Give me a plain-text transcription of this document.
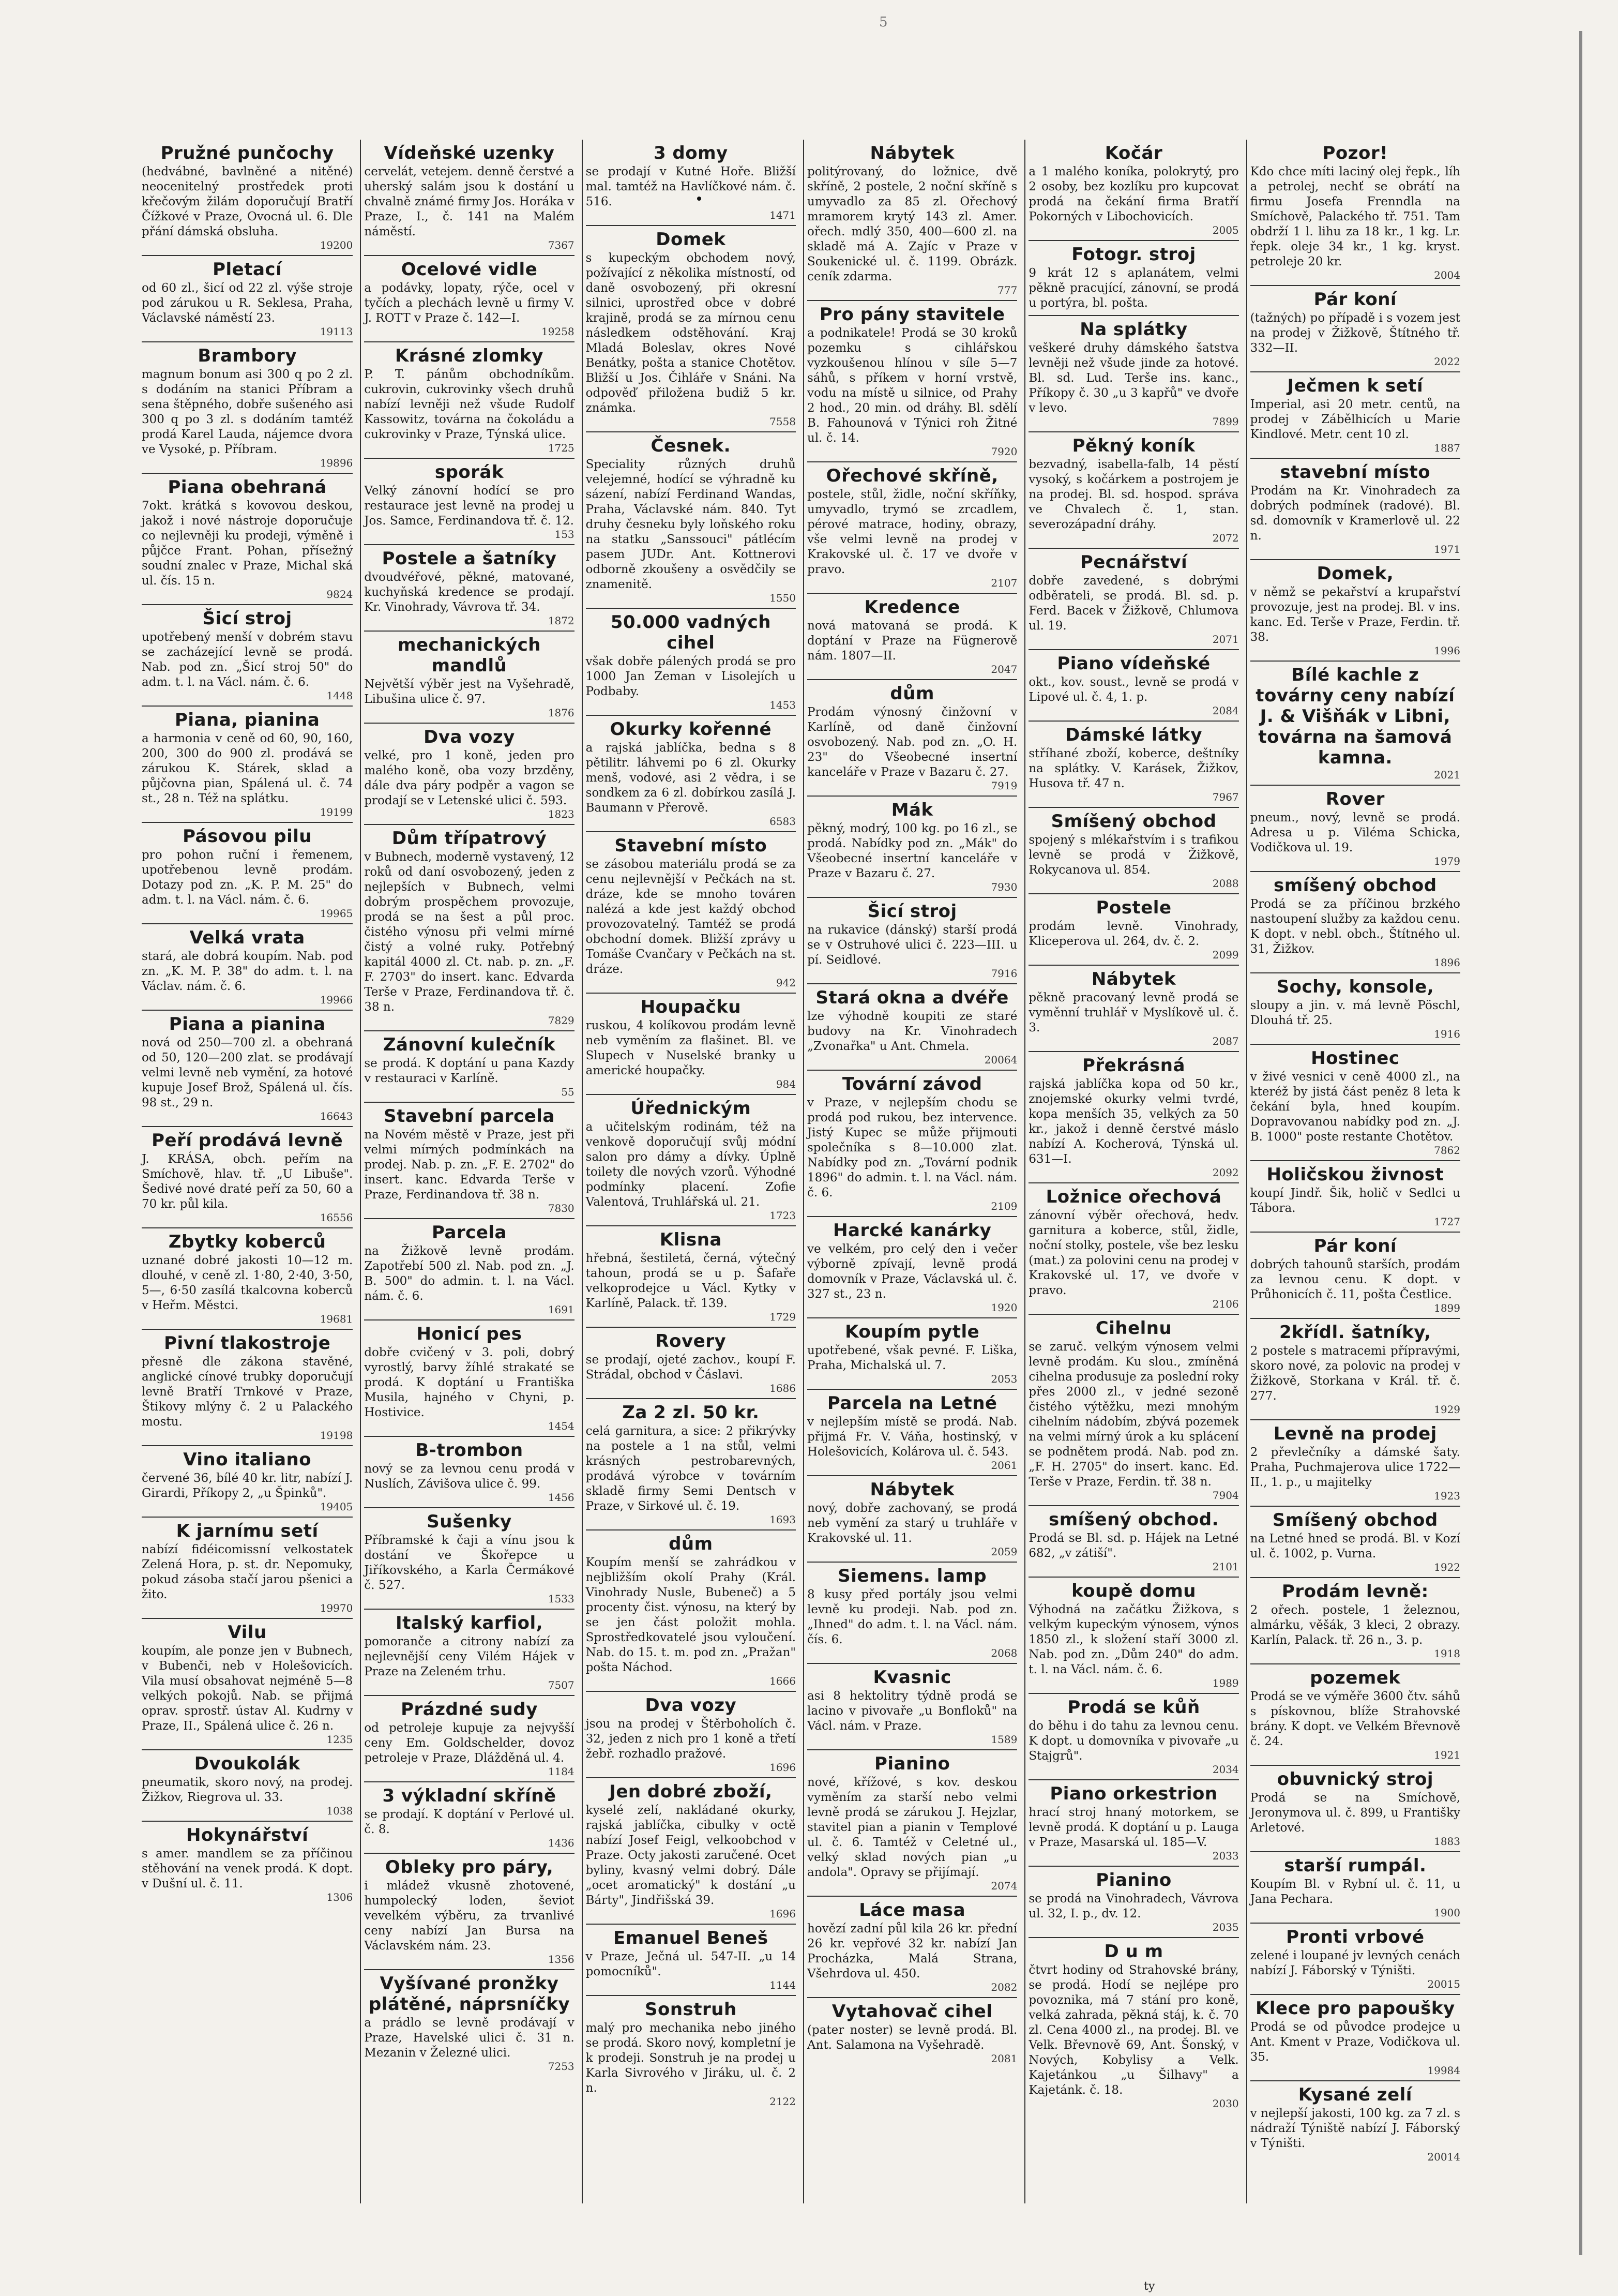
5
Pružné punčochy
(hedvábné, bavlněné a nitěné) neocenitelný prostředek proti křečovým žilám doporučují Bratří Čížkové v Praze, Ovocná ul. 6. Dle přání dámská obsluha.
19200
Pletací
od 60 zl., šicí od 22 zl. výše stroje pod zárukou u R. Seklesa, Praha, Václavské náměstí 23.
19113
Brambory
magnum bonum asi 300 q po 2 zl. s dodáním na stanici Příbram a sena štěpného, dobře sušeného asi 300 q po 3 zl. s dodáním tamtéž prodá Karel Lauda, nájemce dvora ve Vysoké, p. Příbram.
19896
Piana obehraná
7okt. krátká s kovovou deskou, jakož i nové nástroje doporučuje co nejlevněji ku prodeji, výměně i půjčce Frant. Pohan, přísežný soudní znalec v Praze, Michal ská ul. čís. 15 n.
9824
Šicí stroj
upotřebený menší v dobrém stavu se zacházející levně se prodá. Nab. pod zn. „Šicí stroj 50" do adm. t. l. na Václ. nám. č. 6.
1448
Piana, pianina
a harmonia v ceně od 60, 90, 160, 200, 300 do 900 zl. prodává se zárukou K. Stárek, sklad a půjčovna pian, Spálená ul. č. 74 st., 28 n. Též na splátku.
19199
Pásovou pilu
pro pohon ruční i řemenem, upotřebenou levně prodám. Dotazy pod zn. „K. P. M. 25" do adm. t. l. na Václ. nám. č. 6.
19965
Velká vrata
stará, ale dobrá koupím. Nab. pod zn. „K. M. P. 38" do adm. t. l. na Václav. nám. č. 6.
19966
Piana a pianina
nová od 250—700 zl. a obehraná od 50, 120—200 zlat. se prodávají velmi levně neb vymění, za hotové kupuje Josef Brož, Spálená ul. čís. 98 st., 29 n.
16643
Peří prodává levně
J. KRÁSA, obch. peřím na Smíchově, hlav. tř. „U Libuše". Šedivé nové draté peří za 50, 60 a 70 kr. půl kila.
16556
Zbytky koberců
uznané dobré jakosti 10—12 m. dlouhé, v ceně zl. 1·80, 2·40, 3·50, 5—, 6·50 zasílá tkalcovna koberců v Heřm. Městci.
19681
Pivní tlakostroje
přesně dle zákona stavěné, anglické cínové trubky doporučují levně Bratří Trnkové v Praze, Štikovy mlýny č. 2 u Palackého mostu.
19198
Vino italiano
červené 36, bílé 40 kr. litr, nabízí J. Girardi, Příkopy 2, „u Špinků".
19405
K jarnímu setí
nabízí fidéicomissní velkostatek Zelená Hora, p. st. dr. Nepomuky, pokud zásoba stačí jarou pšenici a žito.
19970
Vilu
koupím, ale ponze jen v Bubnech, v Bubenči, neb v Holešovicích. Vila musí obsahovat nejméně 5—8 velkých pokojů. Nab. se přijmá oprav. sprostř. ústav Al. Kudrny v Praze, II., Spálená ulice č. 26 n.
1235
Dvoukolák
pneumatik, skoro nový, na prodej. Žižkov, Riegrova ul. 33.
1038
Hokynářství
s amer. mandlem se za příčinou stěhování na venek prodá. K dopt. v Dušní ul. č. 11.
1306
Vídeňské uzenky
cervelát, vetejem. denně čerstvé a uherský salám jsou k dostání u chvalně známé firmy Jos. Horáka v Praze, I., č. 141 na Malém náměstí.
7367
Ocelové vidle
a podávky, lopaty, rýče, ocel v tyčích a plechách levně u firmy V. J. ROTT v Praze č. 142—I.
19258
Krásné zlomky
P. T. pánům obchodníkům. cukrovin, cukrovinky všech druhů nabízí levněji než všude Rudolf Kassowitz, továrna na čokoládu a cukrovinky v Praze, Týnská ulice.
1725
sporák
Velký zánovní hodící se pro restaurace jest levně na prodej u Jos. Samce, Ferdinandova tř. č. 12.
153
Postele a šatníky
dvoudvéřové, pěkné, matované, kuchyňská kredence se prodají. Kr. Vinohrady, Vávrova tř. 34.
1872
mechanických mandlů
Největší výběr jest na Vyšehradě, Libušina ulice č. 97.
1876
Dva vozy
velké, pro 1 koně, jeden pro malého koně, oba vozy brzděny, dále dva páry podpěr a vagon se prodají se v Letenské ulici č. 593.
1823
Dům třípatrový
v Bubnech, moderně vystavený, 12 roků od daní osvobozený, jeden z nejlepších v Bubnech, velmi dobrým prospěchem provozuje, prodá se na šest a půl proc. čistého výnosu při velmi mírné čistý a volné ruky. Potřebný kapitál 4000 zl. Ct. nab. p. zn. „F. F. 2703" do insert. kanc. Edvarda Terše v Praze, Ferdinandova tř. č. 38 n.
7829
Zánovní kulečník
se prodá. K doptání u pana Kazdy v restauraci v Karlíně.
55
Stavební parcela
na Novém městě v Praze, jest při velmi mírných podmínkách na prodej. Nab. p. zn. „F. E. 2702" do insert. kanc. Edvarda Terše v Praze, Ferdinandova tř. 38 n.
7830
Parcela
na Žižkově levně prodám. Zapotřebí 500 zl. Nab. pod zn. „J. B. 500" do admin. t. l. na Václ. nám. č. 6.
1691
Honicí pes
dobře cvičený v 3. poli, dobrý vyrostlý, barvy žíhlé strakaté se prodá. K doptání u Františka Musila, hajného v Chyni, p. Hostivice.
1454
B-trombon
nový se za levnou cenu prodá v Nuslích, Závišova ulice č. 99.
1456
Sušenky
Příbramské k čaji a vínu jsou k dostání ve Škořepce u Jiříkovského, a Karla Čermákové č. 527.
1533
Italský karfiol,
pomoranče a citrony nabízí za nejlevnější ceny Vilém Hájek v Praze na Zeleném trhu.
7507
Prázdné sudy
od petroleje kupuje za nejvyšší ceny Em. Goldschelder, dovoz petroleje v Praze, Dlážděná ul. 4.
1184
3 výkladní skříně
se prodají. K doptání v Perlové ul. č. 8.
1436
Obleky pro páry,
i mládež vkusně zhotovené, humpolecký loden, ševiot vevelkém výběru, za trvanlivé ceny nabízí Jan Bursa na Václavském nám. 23.
1356
Vyšívané pronžky plátěné, náprsníčky
a prádlo se levně prodávají v Praze, Havelské ulici č. 31 n. Mezanin v Železné ulici.
7253
3 domy
se prodají v Kutné Hoře. Bližší mal. tamtéž na Havlíčkové nám. č. 516.
1471
Domek
s kupeckým obchodem nový, požívající z několika místností, od daně osvobozený, při okresní silnici, uprostřed obce v dobré krajině, prodá se za mírnou cenu následkem odstěhování. Kraj Mladá Boleslav, okres Nové Benátky, pošta a stanice Chotětov. Bližší u Jos. Čihláře v Snáni. Na odpověď přiložena budiž 5 kr. známka.
7558
Česnek.
Speciality různých druhů velejemné, hodící se výhradně ku sázení, nabízí Ferdinand Wandas, Praha, Václavské nám. 840. Tyt druhy česneku byly loňského roku na statku „Sanssouci" pátlécím pasem JUDr. Ant. Kottnerovi odborně zkoušeny a osvědčily se znamenitě.
1550
50.000 vadných cihel
však dobře pálených prodá se pro 1000 Jan Zeman v Lisolejích u Podbaby.
1453
Okurky kořenné
a rajská jablíčka, bedna s 8 pětilitr. láhvemi po 6 zl. Okurky menš, vodové, asi 2 vědra, i se sondkem za 6 zl. dobírkou zasílá J. Baumann v Přerově.
6583
Stavební místo
se zásobou materiálu prodá se za cenu nejlevnější v Pečkách na st. dráze, kde se mnoho továren nalézá a kde jest každý obchod provozovatelný. Tamtéž se prodá obchodní domek. Bližší zprávy u Tomáše Cvančary v Pečkách na st. dráze.
942
Houpačku
ruskou, 4 kolíkovou prodám levně neb vyměním za flašinet. Bl. ve Slupech v Nuselské branky u americké houpačky.
984
Úřednickým
a učitelským rodinám, též na venkově doporučují svůj módní salon pro dámy a dívky. Úplně toilety dle nových vzorů. Výhodné podmínky placení. Zofie Valentová, Truhlářská ul. 21.
1723
Klisna
hřebná, šestiletá, černá, výtečný tahoun, prodá se u p. Šafaře velkoprodejce u Václ. Kytky v Karlíně, Palack. tř. 139.
1729
Rovery
se prodají, ojeté zachov., koupí F. Strádal, obchod v Čáslavi.
1686
Za 2 zl. 50 kr.
celá garnitura, a sice: 2 přikrývky na postele a 1 na stůl, velmi krásných pestrobarevných, prodává výrobce v továrním skladě firmy Semi Dentsch v Praze, v Sirkové ul. č. 19.
1693
dům
Koupím menší se zahrádkou v nejbližším okolí Prahy (Král. Vinohrady Nusle, Bubeneč) a 5 procenty čist. výnosu, na který by se jen část položit mohla. Sprostředkovatelé jsou vyloučení. Nab. do 15. t. m. pod zn. „Pražan" pošta Náchod.
1666
Dva vozy
jsou na prodej v Štěrboholích č. 32, jeden z nich pro 1 koně a třetí žebř. rozhadlo pražové.
1696
Jen dobré zboží,
kyselé zelí, nakládané okurky, rajská jablíčka, cibulky v octě nabízí Josef Feigl, velkoobchod v Praze. Octy jakosti zaručené. Ocet byliny, kvasný velmi dobrý. Dále „ocet aromatický" k dostání „u Bárty", Jindřišská 39.
1696
Emanuel Beneš
v Praze, Ječná ul. 547-II. „u 14 pomocníků".
1144
Sonstruh
malý pro mechanika nebo jiného se prodá. Skoro nový, kompletní je k prodeji. Sonstruh je na prodej u Karla Sivrového v Jiráku, ul. č. 2 n.
2122
Nábytek
politýrovaný, do ložnice, dvě skříně, 2 postele, 2 noční skříně s umyvadlo za 85 zl. Ořechový mramorem krytý 143 zl. Amer. ořech. mdlý 350, 400—600 zl. na skladě má A. Zajíc v Praze v Soukenické ul. č. 1199. Obrázk. ceník zdarma.
777
Pro pány stavitele
a podnikatele! Prodá se 30 kroků pozemku s cihlářskou vyzkoušenou hlínou v síle 5—7 sáhů, s příkem v horní vrstvě, vodu na místě u silnice, od Prahy 2 hod., 20 min. od dráhy. Bl. sdělí B. Fahounová v Týnici roh Žitné ul. č. 14.
7920
Ořechové skříně,
postele, stůl, židle, noční skříňky, umyvadlo, trymó se zrcadlem, pérové matrace, hodiny, obrazy, vše velmi levně na prodej v Krakovské ul. č. 17 ve dvoře v pravo.
2107
Kredence
nová matovaná se prodá. K doptání v Praze na Fügnerově nám. 1807—II.
2047
dům
Prodám výnosný činžovní v Karlíně, od daně činžovní osvobozený. Nab. pod zn. „O. H. 23" do Všeobecné insertní kanceláře v Praze v Bazaru č. 27.
7919
Mák
pěkný, modrý, 100 kg. po 16 zl., se prodá. Nabídky pod zn. „Mák" do Všeobecné insertní kanceláře v Praze v Bazaru č. 27.
7930
Šicí stroj
na rukavice (dánský) starší prodá se v Ostruhové ulici č. 223—III. u pí. Seidlové.
7916
Stará okna a dvéře
lze výhodně koupiti ze staré budovy na Kr. Vinohradech „Zvonařka" u Ant. Chmela.
20064
Tovární závod
v Praze, v nejlepším chodu se prodá pod rukou, bez intervence. Jistý Kupec se může přijmouti společníka s 8—10.000 zlat. Nabídky pod zn. „Tovární podnik 1896" do admin. t. l. na Václ. nám. č. 6.
2109
Harcké kanárky
ve velkém, pro celý den i večer výborně zpívají, levně prodá domovník v Praze, Václavská ul. č. 327 st., 23 n.
1920
Koupím pytle
upotřebené, však pevné. F. Liška, Praha, Michalská ul. 7.
2053
Parcela na Letné
v nejlepším místě se prodá. Nab. přijmá Fr. V. Váňa, hostinský, v Holešovicích, Kolárova ul. č. 543.
2061
Nábytek
nový, dobře zachovaný, se prodá neb vymění za starý u truhláře v Krakovské ul. 11.
2059
Siemens. lamp
8 kusy před portály jsou velmi levně ku prodeji. Nab. pod zn. „Ihned" do adm. t. l. na Václ. nám. čís. 6.
2068
Kvasnic
asi 8 hektolitry týdně prodá se lacino v pivovaře „u Bonfloků" na Václ. nám. v Praze.
1589
Pianino
nové, křížové, s kov. deskou vyměním za starší nebo velmi levně prodá se zárukou J. Hejzlar, stavitel pian a pianin v Templové ul. č. 6. Tamtéž v Celetné ul., velký sklad nových pian „u andola". Opravy se přijímají.
2074
Láce masa
hovězí zadní půl kila 26 kr. přední 26 kr. vepřové 32 kr. nabízí Jan Procházka, Malá Strana, Všehrdova ul. 450.
2082
Vytahovač cihel
(pater noster) se levně prodá. Bl. Ant. Salamona na Vyšehradě.
2081
Kočár
a 1 malého koníka, polokrytý, pro 2 osoby, bez kozlíku pro kupcovat prodá na čekání firma Bratří Pokorných v Libochovicích.
2005
Fotogr. stroj
9 krát 12 s aplanátem, velmi pěkně pracující, zánovní, se prodá u portýra, bl. pošta.
Na splátky
veškeré druhy dámského šatstva levněji než všude jinde za hotové. Bl. sd. Lud. Terše ins. kanc., Příkopy č. 30 „u 3 kapřů" ve dvoře v levo.
7899
Pěkný koník
bezvadný, isabella-falb, 14 pěstí vysoký, s kočárkem a postrojem je na prodej. Bl. sd. hospod. správa ve Chvalech č. 1, stan. severozápadní dráhy.
2072
Pecnářství
dobře zavedené, s dobrými odběrateli, se prodá. Bl. sd. p. Ferd. Bacek v Žižkově, Chlumova ul. 19.
2071
Piano vídeňské
okt., kov. soust., levně se prodá v Lipové ul. č. 4, 1. p.
2084
Dámské látky
stříhané zboží, koberce, deštníky na splátky. V. Karásek, Žižkov, Husova tř. 47 n.
7967
Smíšený obchod
spojený s mlékařstvím i s trafikou levně se prodá v Žižkově, Rokycanova ul. 854.
2088
Postele
prodám levně. Vinohrady, Kliceperova ul. 264, dv. č. 2.
2099
Nábytek
pěkně pracovaný levně prodá se vyměnní truhlář v Myslíkově ul. č. 3.
2087
Překrásná
rajská jablíčka kopa od 50 kr., znojemské okurky velmi tvrdé, kopa menších 35, velkých za 50 kr., jakož i denně čerstvé máslo nabízí A. Kocherová, Týnská ul. 631—I.
2092
Ložnice ořechová
zánovní výběr ořechová, hedv. garnitura a koberce, stůl, židle, noční stolky, postele, vše bez lesku (mat.) za polovini cenu na prodej v Krakovské ul. 17, ve dvoře v pravo.
2106
Cihelnu
se zaruč. velkým výnosem velmi levně prodám. Ku slou., zmíněná cihelna produsuje za poslední roky přes 2000 zl., v jedné sezoně čistého výtěžku, mezi mnohým cihelním nádobím, zbývá pozemek na velmi mírný úrok a ku splácení se podnětem prodá. Nab. pod zn. „F. H. 2705" do insert. kanc. Ed. Terše v Praze, Ferdin. tř. 38 n.
7904
smíšený obchod.
Prodá se Bl. sd. p. Hájek na Letné 682, „v zátiší".
2101
koupě domu
Výhodná na začátku Žižkova, s velkým kupeckým výnosem, výnos 1850 zl., k složení staří 3000 zl. Nab. pod zn. „Dům 240" do adm. t. l. na Václ. nám. č. 6.
1989
Prodá se kůň
do běhu i do tahu za levnou cenu. K dopt. u domovníka v pivovaře „u Stajgrů".
2034
Piano orkestrion
hrací stroj hnaný motorkem, se levně prodá. K doptání u p. Lauga v Praze, Masarská ul. 185—V.
2033
Pianino
se prodá na Vinohradech, Vávrova ul. 32, I. p., dv. 12.
2035
D u m
čtvrt hodiny od Strahovské brány, se prodá. Hodí se nejlépe pro povoznika, má 7 stání pro koně, velká zahrada, pěkná stáj, k. č. 70 zl. Cena 4000 zl., na prodej. Bl. ve Velk. Břevnově 69, Ant. Šonský, v Nových, Kobylisy a Velk. Kajetánkou „u Šilhavy" a Kajetánk. č. 18.
2030
Pozor!
Kdo chce míti laciný olej řepk., líh a petrolej, nechť se obrátí na firmu Josefa Frenndla na Smíchově, Palackého tř. 751. Tam obdrží 1 l. lihu za 18 kr., 1 kg. Lr. řepk. oleje 34 kr., 1 kg. kryst. petroleje 20 kr.
2004
Pár koní
(tažných) po případě i s vozem jest na prodej v Žižkově, Štítného tř. 332—II.
2022
Ječmen k setí
Imperial, asi 20 metr. centů, na prodej v Zábělhicích u Marie Kindlové. Metr. cent 10 zl.
1887
stavební místo
Prodám na Kr. Vinohradech za dobrých podmínek (radové). Bl. sd. domovník v Kramerlově ul. 22 n.
1971
Domek,
v němž se pekařství a krupařství provozuje, jest na prodej. Bl. v ins. kanc. Ed. Terše v Praze, Ferdin. tř. 38.
1996
Bílé kachle z továrny ceny nabízí J. & Višňák v Libni, továrna na šamová kamna.
2021
Rover
pneum., nový, levně se prodá. Adresa u p. Viléma Schicka, Vodičkova ul. 19.
1979
smíšený obchod
Prodá se za příčinou brzkého nastoupení služby za každou cenu. K dopt. v nebl. obch., Štítného ul. 31, Žižkov.
1896
Sochy, konsole,
sloupy a jin. v. má levně Pöschl, Dlouhá tř. 25.
1916
Hostinec
v živé vesnici v ceně 4000 zl., na kteréž by jistá část peněz 8 leta k čekání byla, hned koupím. Dopravovanou nabídky pod zn. „J. B. 1000" poste restante Chotětov.
7862
Holičskou živnost
koupí Jindř. Šik, holič v Sedlci u Tábora.
1727
Pár koní
dobrých tahounů starších, prodám za levnou cenu. K dopt. v Průhonicích č. 11, pošta Čestlice.
1899
2křídl. šatníky,
2 postele s matracemi přípravými, skoro nové, za polovic na prodej v Žižkově, Storkana v Král. tř. č. 277.
1929
Levně na prodej
2 převlečníky a dámské šaty. Praha, Puchmajerova ulice 1722—II., 1. p., u majitelky
1923
Smíšený obchod
na Letné hned se prodá. Bl. v Kozí ul. č. 1002, p. Vurna.
1922
Prodám levně:
2 ořech. postele, 1 železnou, almárku, věšák, 3 kleci, 2 obrazy. Karlín, Palack. tř. 26 n., 3. p.
1918
pozemek
Prodá se ve výměře 3600 čtv. sáhů s pískovnou, blíže Strahovské brány. K dopt. ve Velkém Břevnově č. 24.
1921
obuvnický stroj
Prodá se na Smíchově, Jeronymova ul. č. 899, u Františky Arletové.
1883
starší rumpál.
Koupím Bl. v Rybní ul. č. 11, u Jana Pechara.
1900
Pronti vrbové
zelené i loupané jv levných cenách nabízí J. Fáborský v Týništi.
20015
Klece pro papoušky
Prodá se od původce prodejce u Ant. Kment v Praze, Vodičkova ul. 35.
19984
Kysané zelí
v nejlepší jakosti, 100 kg. za 7 zl. s nádraží Týniště nabízí J. Fáborský v Týništi.
20014
ty
